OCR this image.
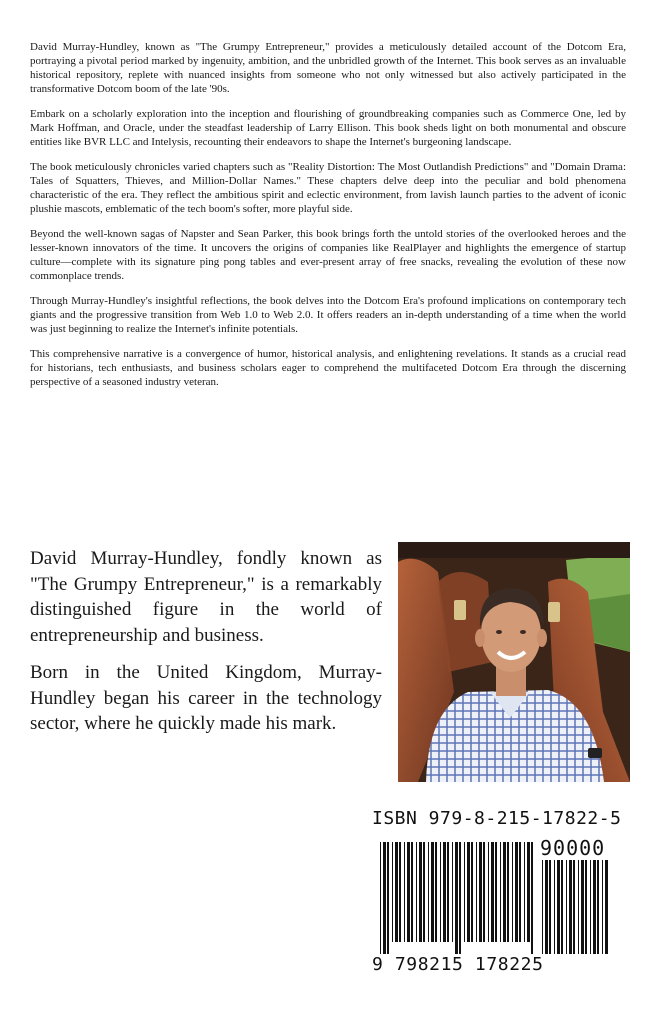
David Murray-Hundley, known as "The Grumpy Entrepreneur," provides a meticulously detailed account of the Dotcom Era, portraying a pivotal period marked by ingenuity, ambition, and the unbridled growth of the Internet. This book serves as an invaluable historical repository, replete with nuanced insights from someone who not only witnessed but also actively participated in the transformative Dotcom boom of the late '90s.

Embark on a scholarly exploration into the inception and flourishing of groundbreaking companies such as Commerce One, led by Mark Hoffman, and Oracle, under the steadfast leadership of Larry Ellison. This book sheds light on both monumental and obscure entities like BVR LLC and Intelysis, recounting their endeavors to shape the Internet's burgeoning landscape.

The book meticulously chronicles varied chapters such as "Reality Distortion: The Most Outlandish Predictions" and "Domain Drama: Tales of Squatters, Thieves, and Million-Dollar Names." These chapters delve deep into the peculiar and bold phenomena characteristic of the era. They reflect the ambitious spirit and eclectic environment, from lavish launch parties to the advent of iconic plushie mascots, emblematic of the tech boom's softer, more playful side.

Beyond the well-known sagas of Napster and Sean Parker, this book brings forth the untold stories of the overlooked heroes and the lesser-known innovators of the time. It uncovers the origins of companies like RealPlayer and highlights the emergence of startup culture—complete with its signature ping pong tables and ever-present array of free snacks, revealing the evolution of these now commonplace trends.

Through Murray-Hundley's insightful reflections, the book delves into the Dotcom Era's profound implications on contemporary tech giants and the progressive transition from Web 1.0 to Web 2.0. It offers readers an in-depth understanding of a time when the world was just beginning to realize the Internet's infinite potentials.

This comprehensive narrative is a convergence of humor, historical analysis, and enlightening revelations. It stands as a crucial read for historians, tech enthusiasts, and business scholars eager to comprehend the multifaceted Dotcom Era through the discerning perspective of a seasoned industry veteran.

David Murray-Hundley, fondly known as "The Grumpy Entrepreneur," is a remarkably distinguished figure in the world of entrepreneurship and business.

Born in the United Kingdom, Murray-Hundley began his career in the technology sector, where he quickly made his mark.

ISBN 979-8-215-17822-5
90000
9 798215 178225
